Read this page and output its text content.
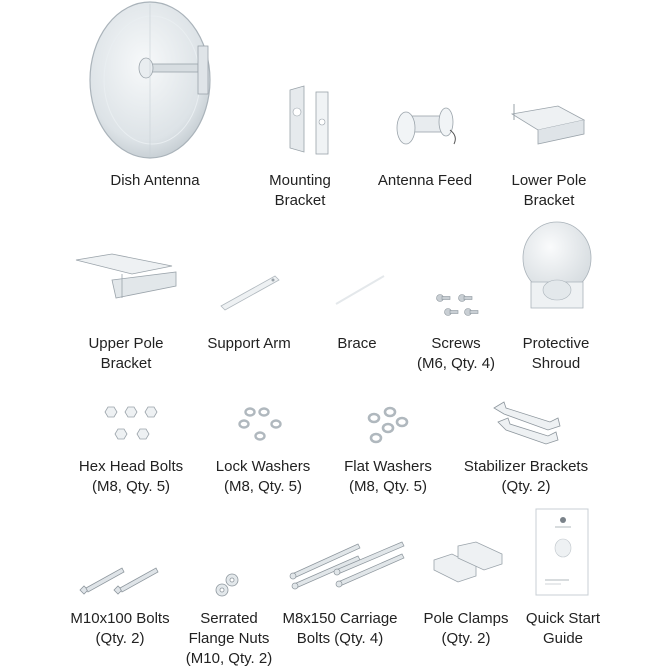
Dish Antenna	Mounting
Bracket
Antenna Feed	Lower Pole
Bracket
Upper Pole
Bracket
Support Arm	Brace	Screws
(M6, Qty. 4)
Protective
Shroud
Hex Head Bolts
(M8, Qty. 5)
Lock Washers
(M8, Qty. 5)
Flat Washers
(M8, Qty. 5)
Stabilizer Brackets
(Qty. 2)
M10x100 Bolts
(Qty. 2)
Serrated
Flange Nuts
(M10, Qty. 2)
M8x150 Carriage
Bolts (Qty. 4)
Pole Clamps
(Qty. 2)
Quick Start
Guide
